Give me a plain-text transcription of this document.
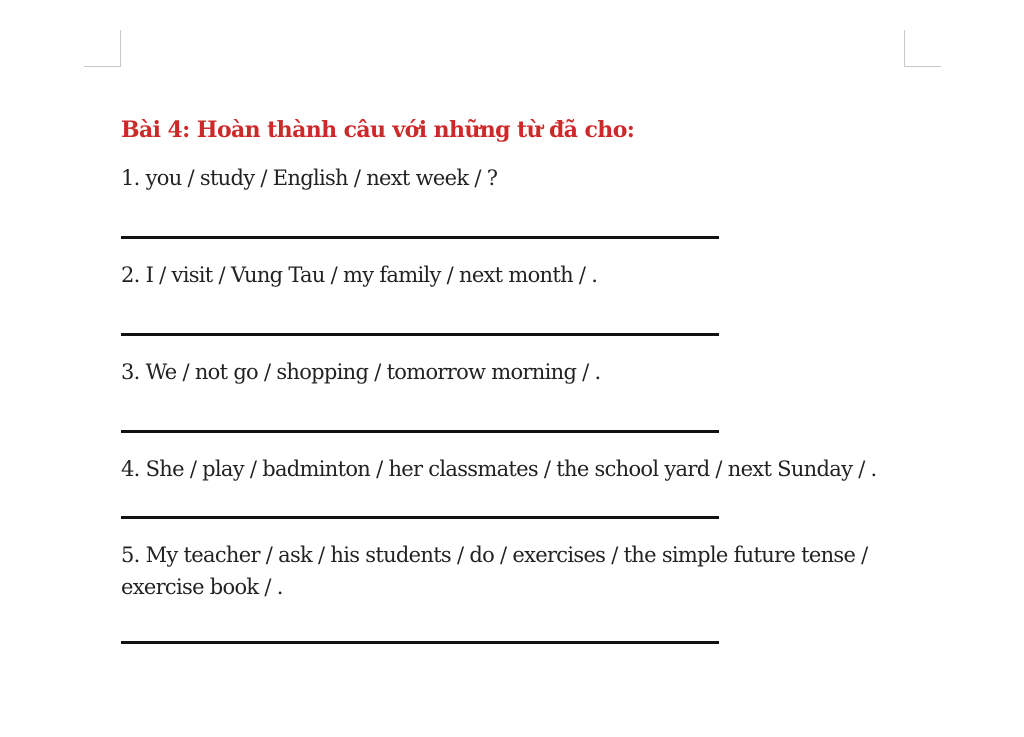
Bài 4: Hoàn thành câu với những từ đã cho:
1. you / study / English / next week / ?
2. I / visit / Vung Tau / my family / next month / .
3. We / not go / shopping / tomorrow morning / .
4. She / play / badminton / her classmates / the school yard / next Sunday / .
5. My teacher / ask / his students / do / exercises / the simple future tense / exercise book / .
